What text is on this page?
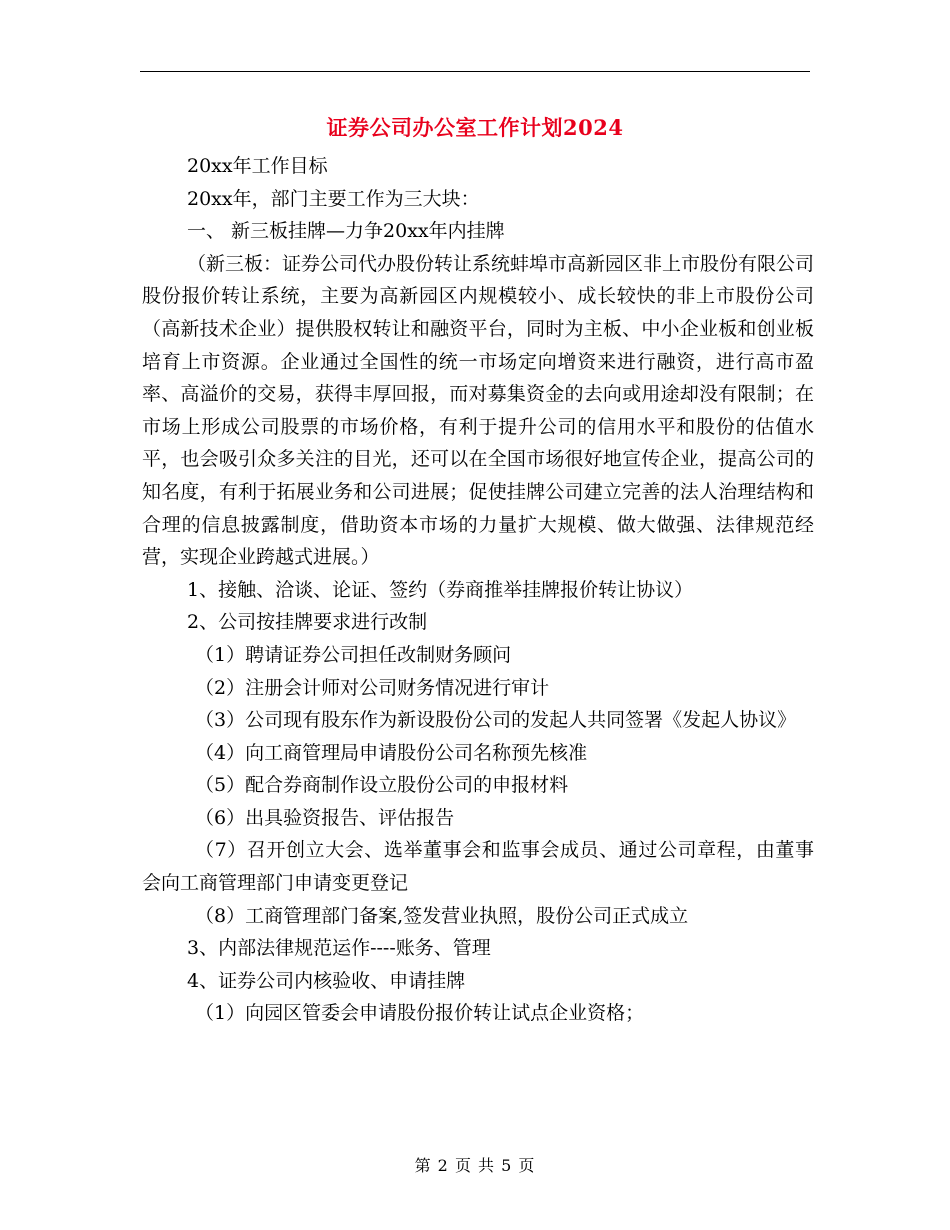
证券公司办公室工作计划2024

20xx年工作目标

20xx年，部门主要工作为三大块：

一、 新三板挂牌—力争20xx年内挂牌

（新三板：证券公司代办股份转让系统蚌埠市高新园区非上市股份有限公司股份报价转让系统，主要为高新园区内规模较小、成长较快的非上市股份公司（高新技术企业）提供股权转让和融资平台，同时为主板、中小企业板和创业板培育上市资源。企业通过全国性的统一市场定向增资来进行融资，进行高市盈率、高溢价的交易，获得丰厚回报，而对募集资金的去向或用途却没有限制；在市场上形成公司股票的市场价格，有利于提升公司的信用水平和股份的估值水平，也会吸引众多关注的目光，还可以在全国市场很好地宣传企业，提高公司的知名度，有利于拓展业务和公司进展；促使挂牌公司建立完善的法人治理结构和合理的信息披露制度，借助资本市场的力量扩大规模、做大做强、法律规范经营，实现企业跨越式进展。）

1、接触、洽谈、论证、签约（券商推举挂牌报价转让协议）

2、公司按挂牌要求进行改制

（1）聘请证券公司担任改制财务顾问

（2）注册会计师对公司财务情况进行审计

（3）公司现有股东作为新设股份公司的发起人共同签署《发起人协议》

（4）向工商管理局申请股份公司名称预先核准

（5）配合券商制作设立股份公司的申报材料

（6）出具验资报告、评估报告

（7）召开创立大会、选举董事会和监事会成员、通过公司章程，由董事会向工商管理部门申请变更登记

（8）工商管理部门备案,签发营业执照，股份公司正式成立

3、内部法律规范运作----账务、管理

4、证券公司内核验收、申请挂牌

（1）向园区管委会申请股份报价转让试点企业资格；

第 2 页 共 5 页
